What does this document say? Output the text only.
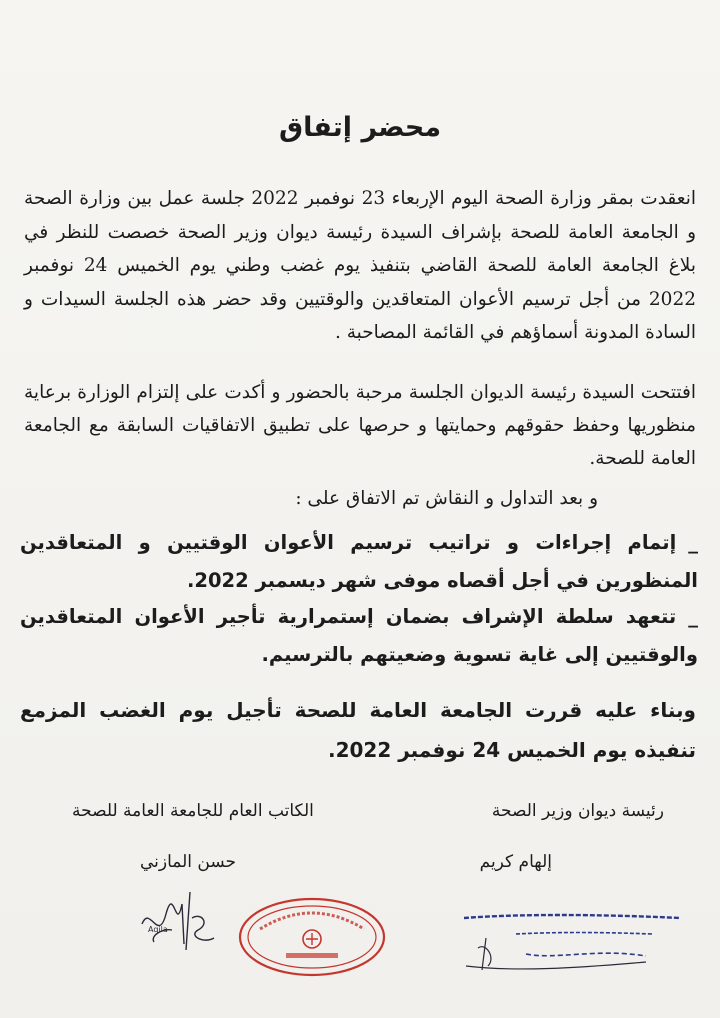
محضر إتفاق
انعقدت بمقر وزارة الصحة اليوم الإربعاء 23 نوفمبر 2022 جلسة عمل بين وزارة الصحة و الجامعة العامة للصحة بإشراف السيدة رئيسة ديوان وزير الصحة خصصت للنظر في بلاغ الجامعة العامة للصحة القاضي بتنفيذ يوم غضب وطني يوم الخميس 24 نوفمبر 2022 من أجل ترسيم الأعوان المتعاقدين والوقتيين وقد حضر هذه الجلسة السيدات و السادة المدونة أسماؤهم في القائمة المصاحبة .
افتتحت السيدة رئيسة الديوان الجلسة مرحبة بالحضور و أكدت على إلتزام الوزارة برعاية منظوريها وحفظ حقوقهم وحمايتها و حرصها على تطبيق الاتفاقيات السابقة مع الجامعة العامة للصحة.
و بعد التداول و النقاش تم الاتفاق على :
_إتمام إجراءات و تراتيب ترسيم الأعوان الوقتيين و المتعاقدين المنظورين في أجل أقصاه موفى شهر ديسمبر 2022.
_تتعهد سلطة الإشراف بضمان إستمرارية تأجير الأعوان المتعاقدين والوقتيين إلى غاية تسوية وضعيتهم بالترسيم.
وبناء عليه قررت الجامعة العامة للصحة تأجيل يوم الغضب المزمع تنفيذه يوم الخميس 24 نوفمبر 2022.
رئيسة ديوان وزير الصحة
الكاتب العام للجامعة العامة للصحة
إلهام كريم
حسن المازني
Aqila
